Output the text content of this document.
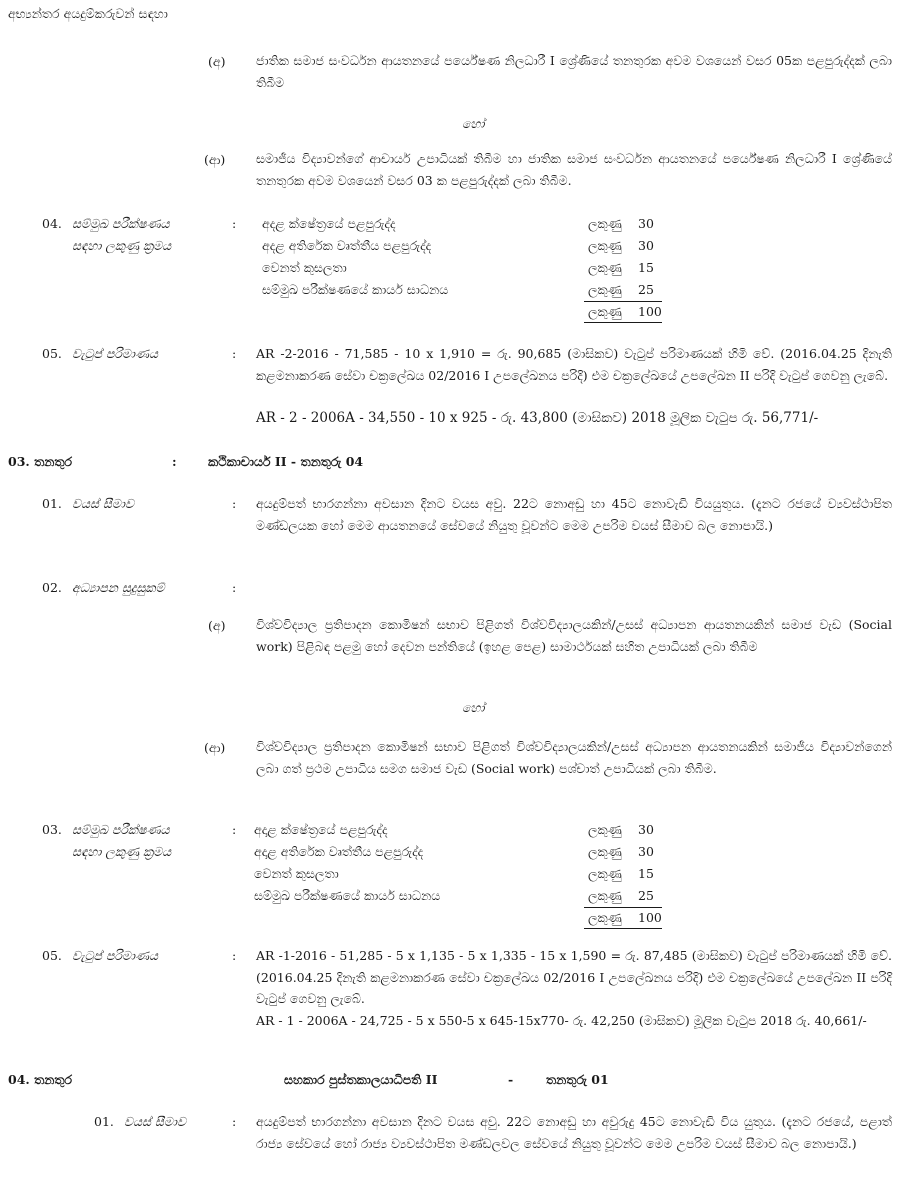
අභ්‍යන්තර අයදුම්කරුවන් සඳහා
(අ) ජාතික සමාජ සංවර්ධන ආයතනයේ පර්යේෂණ නිලධාරී I ශ්‍රේණියේ තනතුරක අවම වශයෙන් වසර 05ක පළපුරුද්දක් ලබා තිබීම
හෝ
(ආ) සමාජීය විද්‍යාවන්ගේ ආචාර්ය උපාධියක් තිබීම හා ජාතික සමාජ සංවර්ධන ආයතනයේ පර්යේෂණ නිලධාරී I ශ්‍රේණියේ තනතුරක අවම වශයෙන් වසර 03 ක පළපුරුද්දක් ලබා තිබීම.
04. සම්මුඛ පරීක්ෂණය
සඳහා ලකුණු ක්‍රමය
: අදළ ක්ෂේත්‍රයේ පළපුරුද්ද	ලකුණු 30
අදළ අතිරේක වෘත්තීය පළපුරුද්ද	ලකුණු 30
වෙනත් කුසලතා	ලකුණු 15
සම්මුඛ පරීක්ෂණයේ කාර්ය සාධනය	ලකුණු 25
ලකුණු 100
05. වැටුප් පරිමාණය	: AR -2-2016 - 71,585 - 10 x 1,910 = රු. 90,685 (මාසිකව) වැටුප් පරිමාණයක් හිමි වේ. (2016.04.25 දිනැති කළමනාකරණ සේවා චක්‍රලේඛය 02/2016 I උපලේඛනය පරිදි) එම චක්‍රලේඛයේ උපලේඛන II පරිදි වැටුප් ගෙවනු ලැබේ.
AR - 2 - 2006A - 34,550 - 10 x 925 - රු. 43,800 (මාසිකව) 2018 මූලික වැටුප රු. 56,771/-
03. තනතුර	:	කථිකාචාර්ය II - තනතුරු 04
01. වයස් සීමාව	: අයදුම්පත් භාරගන්නා අවසාන දිනට වයස අවු. 22ට නොඅඩු හා 45ට නොවැඩි වියයුතුය. (දැනට රජයේ ව්‍යවස්ථාපිත මණ්ඩලයක හෝ මෙම ආයතනයේ සේවයේ නියුතු වූවන්ට මෙම උපරිම වයස් සීමාව බල නොපායි.)
02. අධ්‍යාපන සුදුසුකම්	:
(අ) විශ්වවිද්‍යාල ප්‍රතිපාදන කොමිෂන් සභාව පිළිගත් විශ්වවිද්‍යාලයකින්/උසස් අධ්‍යාපන ආයතනයකින් සමාජ වැඩ (Social work) පිළිබඳ පළමු හෝ දෙවන පන්තියේ (ඉහළ පෙළ) සාමාර්ථයක් සහිත උපාධියක් ලබා තිබීම
හෝ
(ආ) විශ්වවිද්‍යාල ප්‍රතිපාදන කොමිෂන් සභාව පිළිගත් විශ්වවිද්‍යාලයකින්/උසස් අධ්‍යාපන ආයතනයකින් සමාජීය විද්‍යාවන්ගෙන් ලබා ගත් ප්‍රථම උපාධිය සමග සමාජ වැඩ (Social work) පශ්චාත් උපාධියක් ලබා තිබීම.
03. සම්මුඛ පරීක්ෂණය
සඳහා ලකුණු ක්‍රමය
: අදාළ ක්ෂේත්‍රයේ පළපුරුද්ද	ලකුණු 30
අදාළ අතිරේක වෘත්තීය පළපුරුද්ද	ලකුණු 30
වෙනත් කුසලතා	ලකුණු 15
සම්මුඛ පරීක්ෂණයේ කාර්ය සාධනය	ලකුණු 25
ලකුණු 100
05. වැටුප් පරිමාණය	: AR -1-2016 - 51,285 - 5 x 1,135 - 5 x 1,335 - 15 x 1,590 = රු. 87,485 (මාසිකව) වැටුප් පරිමාණයක් හිමි වේ. (2016.04.25 දිනැති කළමනාකරණ සේවා චක්‍රලේඛය 02/2016 I උපලේඛනය පරිදි) එම චක්‍රලේඛයේ උපලේඛන II පරිදි වැටුප් ගෙවනු ලැබේ.
AR - 1 - 2006A - 24,725 - 5 x 550-5 x 645-15x770- රු. 42,250 (මාසිකව) මූලික වැටුප 2018 රු. 40,661/-
04. තනතුර	සහකාර පුස්තකාලයාධිපති II	-	තනතුරු 01
01. වයස් සීමාව	: අයදුම්පත් භාරගන්නා අවසාන දිනට වයස අවු. 22ට නොඅඩු හා අවුරුදු 45ට නොවැඩි විය යුතුය. (දැනට රජයේ, පළාත් රාජ්‍ය සේවයේ හෝ රාජ්‍ය ව්‍යවස්ථාපිත මණ්ඩලවල සේවයේ නියුතු වූවන්ට මෙම උපරිම වයස් සීමාව බල නොපායි.)
